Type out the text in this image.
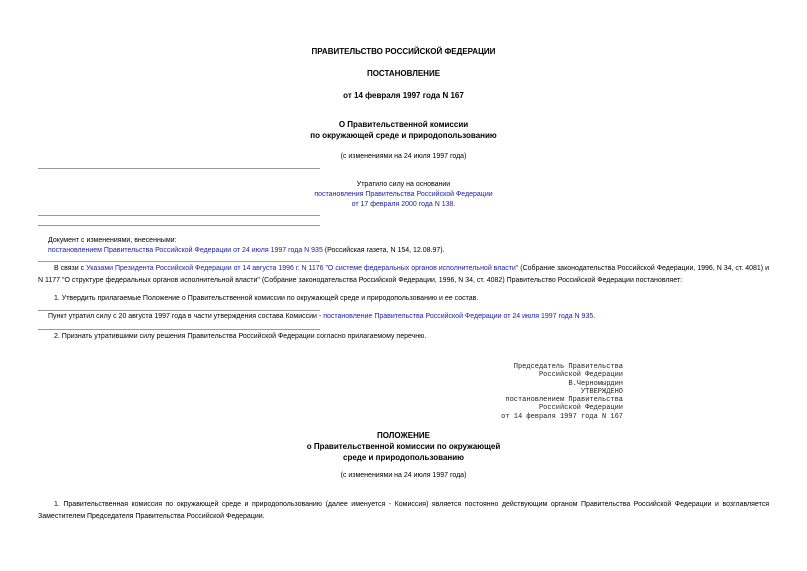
ПРАВИТЕЛЬСТВО РОССИЙСКОЙ ФЕДЕРАЦИИ
ПОСТАНОВЛЕНИЕ
от 14 февраля 1997 года N 167
О Правительственной комиссии
по окружающей среде и природопользованию
(с изменениями на 24 июля 1997 года)
Утратило силу на основании
постановления Правительства Российской Федерации
от 17 февраля 2000 года N 138.
Документ с изменениями, внесенными:
постановлением Правительства Российской Федерации от 24 июля 1997 года N 935 (Российская газета, N 154, 12.08.97).
В связи с Указами Президента Российской Федерации от 14 августа 1996 г. N 1176 "О системе федеральных органов исполнительной власти" (Собрание законодательства Российской Федерации, 1996, N 34, ст. 4081) и N 1177 "О структуре федеральных органов исполнительной власти" (Собрание законодательства Российской Федерации, 1996, N 34, ст. 4082) Правительство Российской Федерации постановляет:
1. Утвердить прилагаемые Положение о Правительственной комиссии по окружающей среде и природопользованию и ее состав.
Пункт утратил силу с 20 августа 1997 года в части утверждения состава Комиссии - постановление Правительства Российской Федерации от 24 июля 1997 года N 935.
2. Признать утратившими силу решения Правительства Российской Федерации согласно прилагаемому перечню.
Председатель Правительства
Российской Федерации
В.Черномырдин
УТВЕРЖДЕНО
постановлением Правительства
Российской Федерации
от 14 февраля 1997 года N 167
ПОЛОЖЕНИЕ
о Правительственной комиссии по окружающей
среде и природопользованию
(с изменениями на 24 июля 1997 года)
1. Правительственная комиссия по окружающей среде и природопользованию (далее именуется - Комиссия) является постоянно действующим органом Правительства Российской Федерации и возглавляется Заместителем Председателя Правительства Российской Федерации.
